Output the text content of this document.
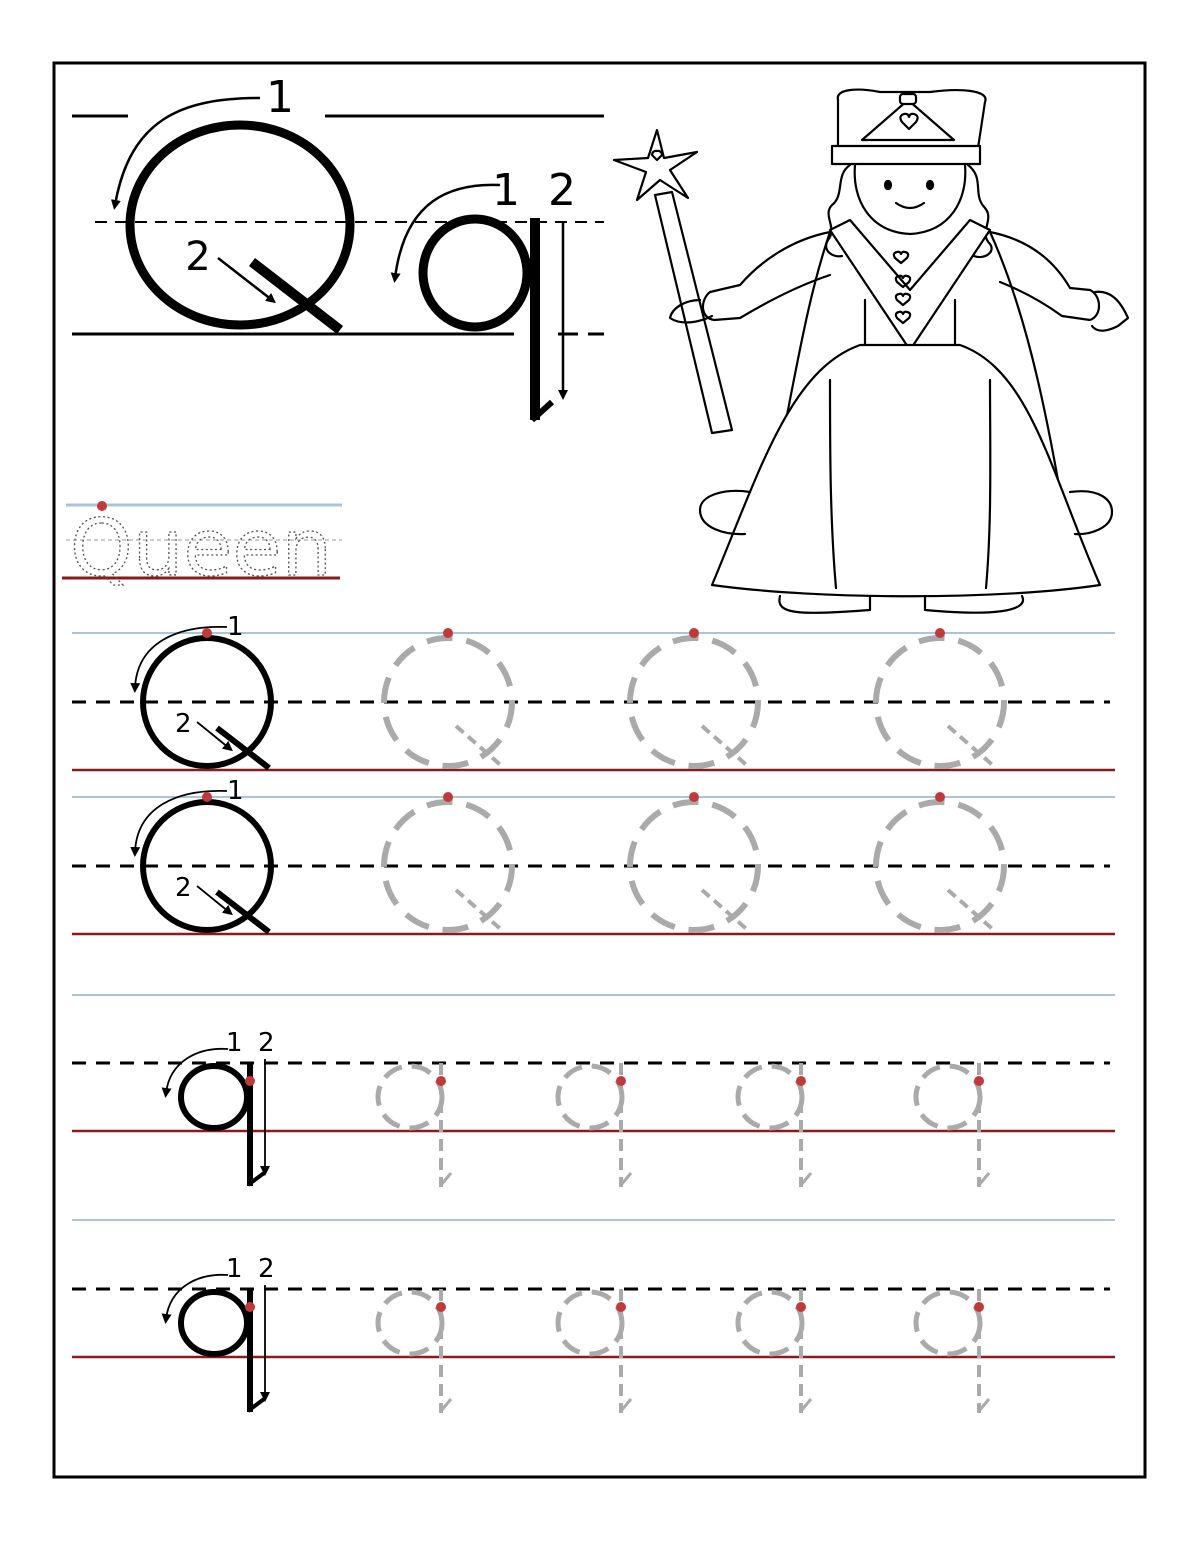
1
2
1 2
Queen
1
2
1
2
1 2
1 2
